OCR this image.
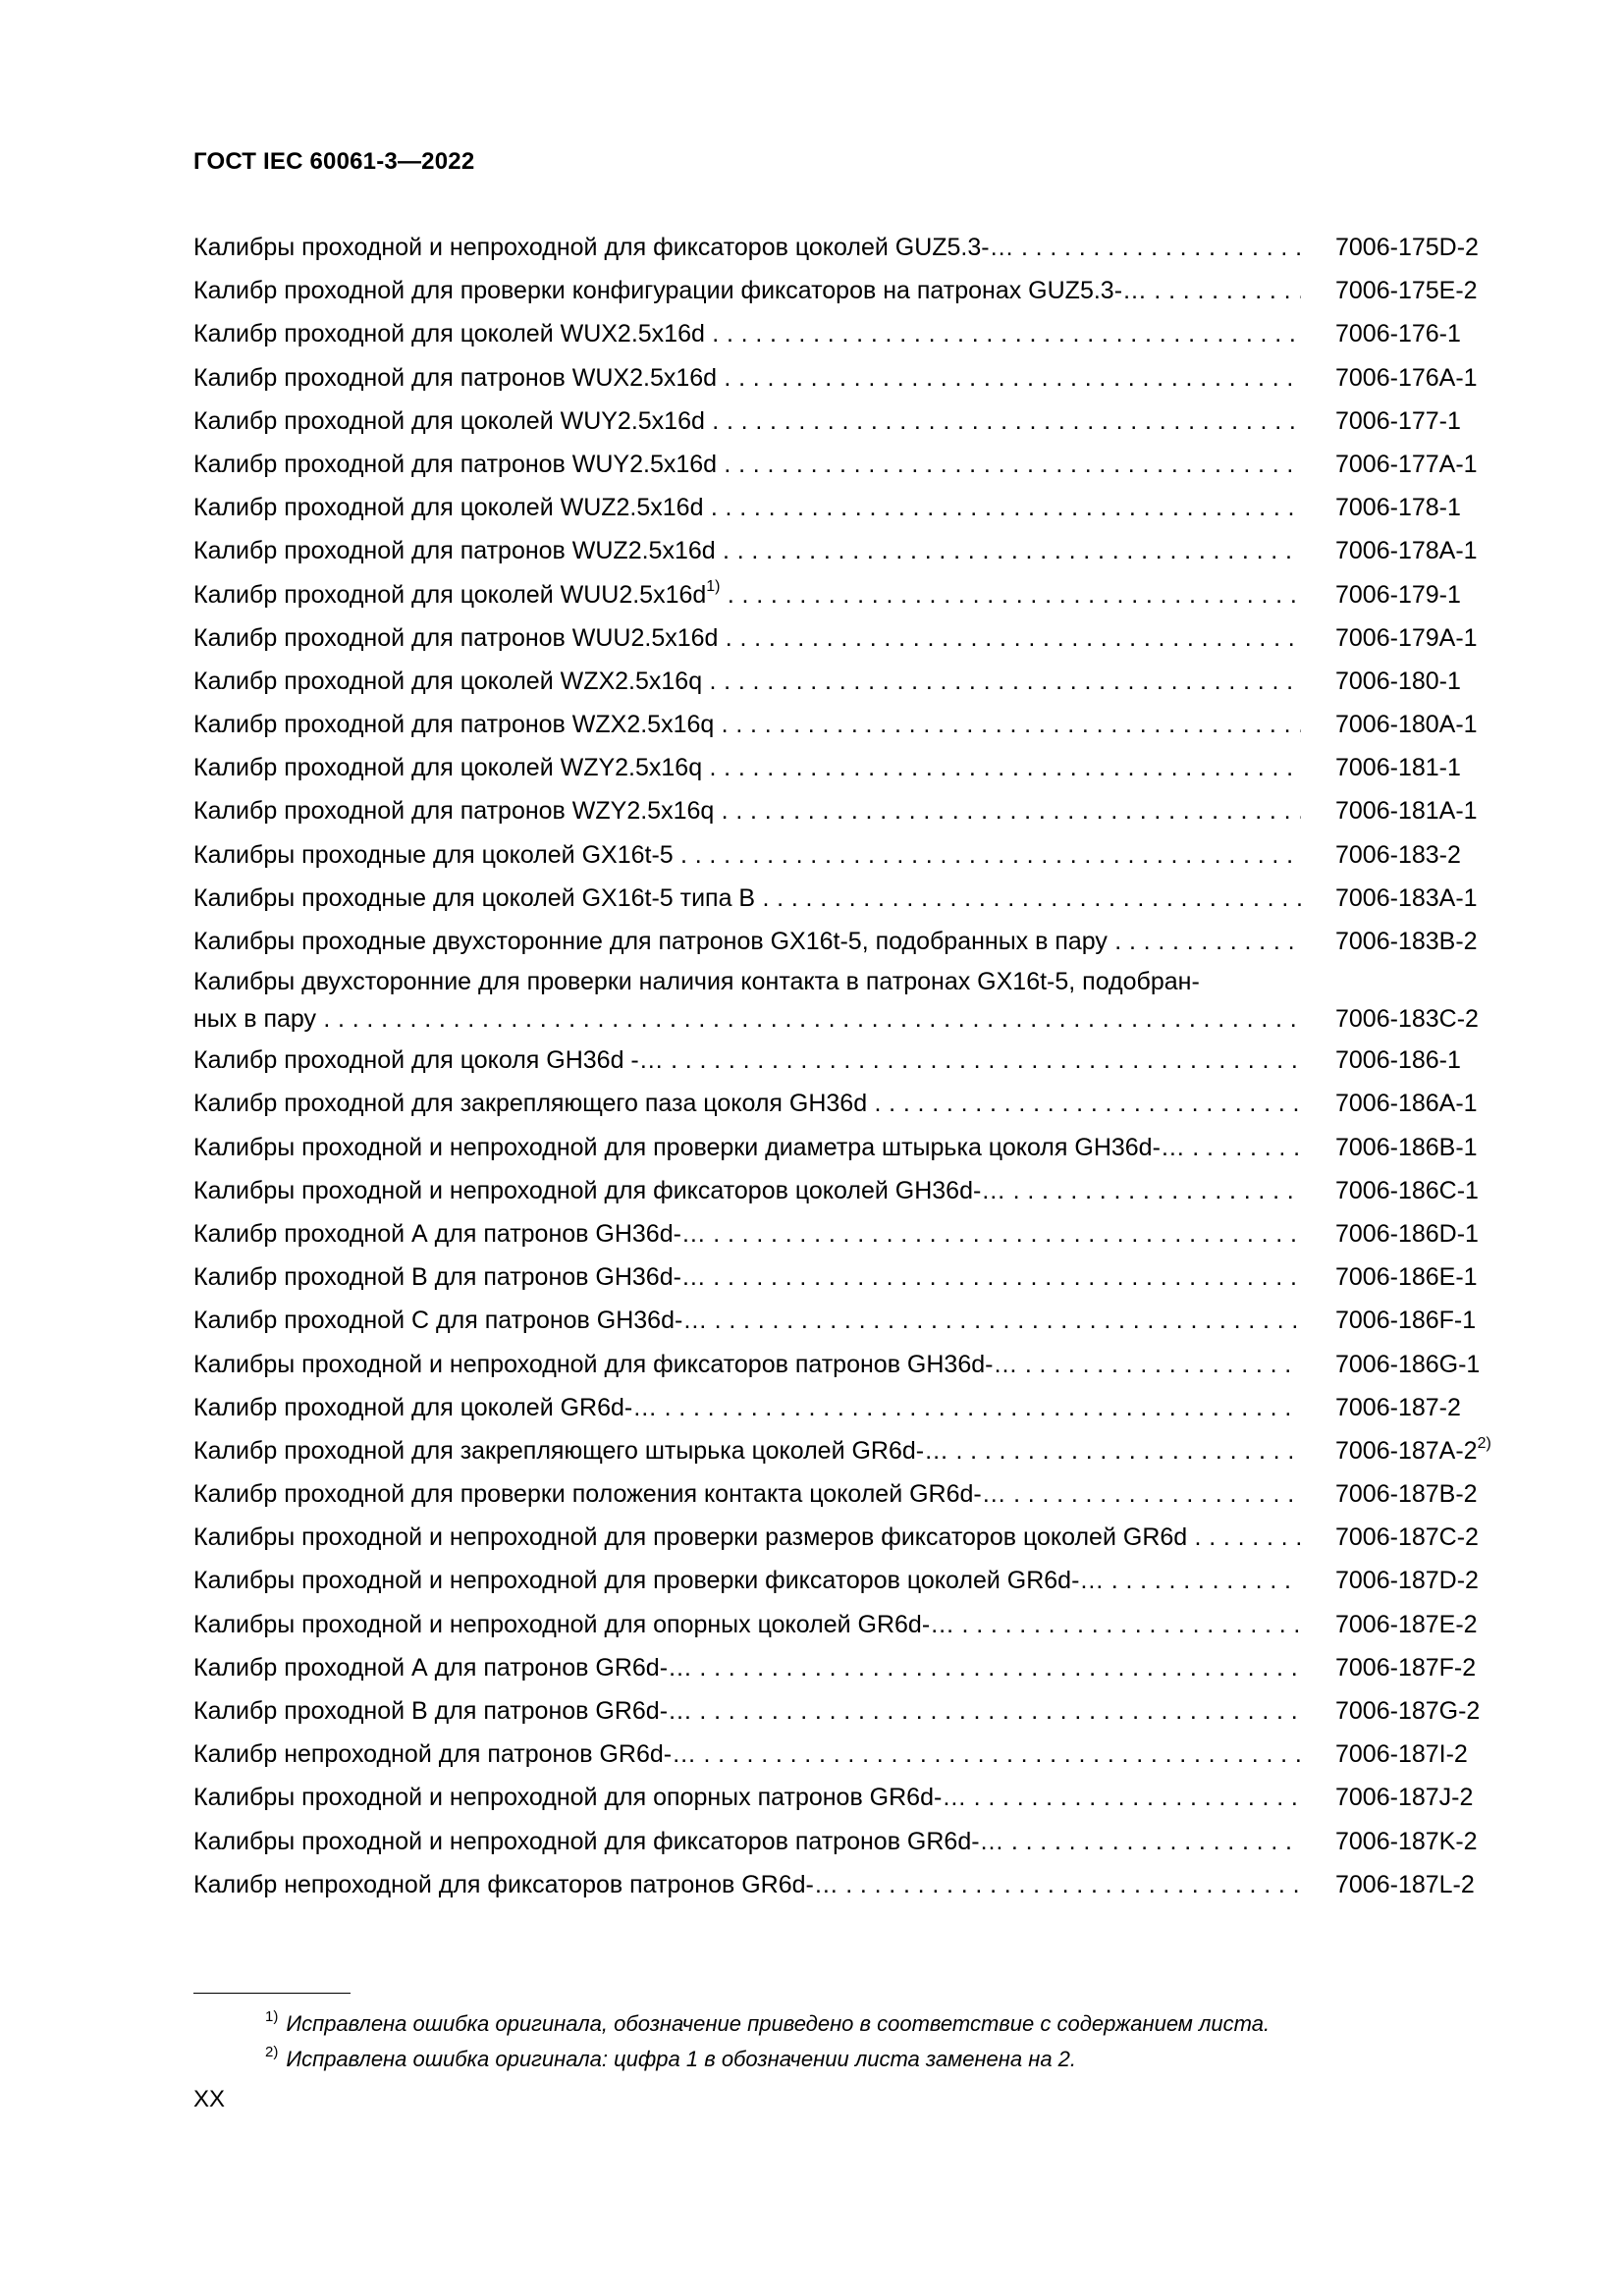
ГОСТ IEC 60061-3—2022
Калибры проходной и непроходной для фиксаторов цоколей GUZ5.3-… . . .	7006-175D-2
Калибр проходной для проверки конфигурации фиксаторов на патронах GUZ5.3-… . . .	7006-175E-2
Калибр проходной для цоколей WUX2.5x16d . . .	7006-176-1
Калибр проходной для патронов WUX2.5x16d . . .	7006-176A-1
Калибр проходной для цоколей WUY2.5x16d . . .	7006-177-1
Калибр проходной для патронов WUY2.5x16d . . .	7006-177A-1
Калибр проходной для цоколей WUZ2.5x16d . . .	7006-178-1
Калибр проходной для патронов WUZ2.5x16d . . .	7006-178A-1
Калибр проходной для цоколей $WUU2.5x16d^{1)}$ . . .	7006-179-1
Калибр проходной для патронов WUU2.5x16d . . .	7006-179A-1
Калибр проходной для цоколей WZX2.5x16q . . .	7006-180-1
Калибр проходной для патронов WZX2.5x16q . . .	7006-180A-1
Калибр проходной для цоколей WZY2.5x16q . . .	7006-181-1
Калибр проходной для патронов WZY2.5x16q . . .	7006-181A-1
Калибры проходные для цоколей GX16t-5 . . .	7006-183-2
Калибры проходные для цоколей GX16t-5 типа B . . .	7006-183A-1
Калибры проходные двухсторонние для патронов GX16t-5, подобранных в пару . . .	7006-183B-2
Калибры двухсторонние для проверки наличия контакта в патронах GX16t-5, подобран-
ных в пару . . .	7006-183C-2
Калибр проходной для цоколя GH36d -… . . .	7006-186-1
Калибр проходной для закрепляющего паза цоколя GH36d . . .	7006-186A-1
Калибры проходной и непроходной для проверки диаметра штырька цоколя GH36d-… . . .	7006-186B-1
Калибры проходной и непроходной для фиксаторов цоколей GH36d-… . . .	7006-186C-1
Калибр проходной А для патронов GH36d-… . . .	7006-186D-1
Калибр проходной В для патронов GH36d-… . . .	7006-186E-1
Калибр проходной С для патронов GH36d-… . . .	7006-186F-1
Калибры проходной и непроходной для фиксаторов патронов GH36d-… . . .	7006-186G-1
Калибр проходной для цоколей GR6d-… . . .	7006-187-2
Калибр проходной для закрепляющего штырька цоколей GR6d-… . . .	7006-187A-2$^{2)}$
Калибр проходной для проверки положения контакта цоколей GR6d-… . . .	7006-187B-2
Калибры проходной и непроходной для проверки размеров фиксаторов цоколей GR6d . . .	7006-187C-2
Калибры проходной и непроходной для проверки фиксаторов цоколей GR6d-… . . .	7006-187D-2
Калибры проходной и непроходной для опорных цоколей GR6d-… . . .	7006-187E-2
Калибр проходной А для патронов GR6d-… . . .	7006-187F-2
Калибр проходной В для патронов GR6d-… . . .	7006-187G-2
Калибр непроходной для патронов GR6d-… . . .	7006-187I-2
Калибры проходной и непроходной для опорных патронов GR6d-… . . .	7006-187J-2
Калибры проходной и непроходной для фиксаторов патронов GR6d-… . . .	7006-187K-2
Калибр непроходной для фиксаторов патронов GR6d-… . . .	7006-187L-2
$^{1)}$ Исправлена ошибка оригинала, обозначение приведено в соответствие с содержанием листа.
$^{2)}$ Исправлена ошибка оригинала: цифра 1 в обозначении листа заменена на 2.
XX
